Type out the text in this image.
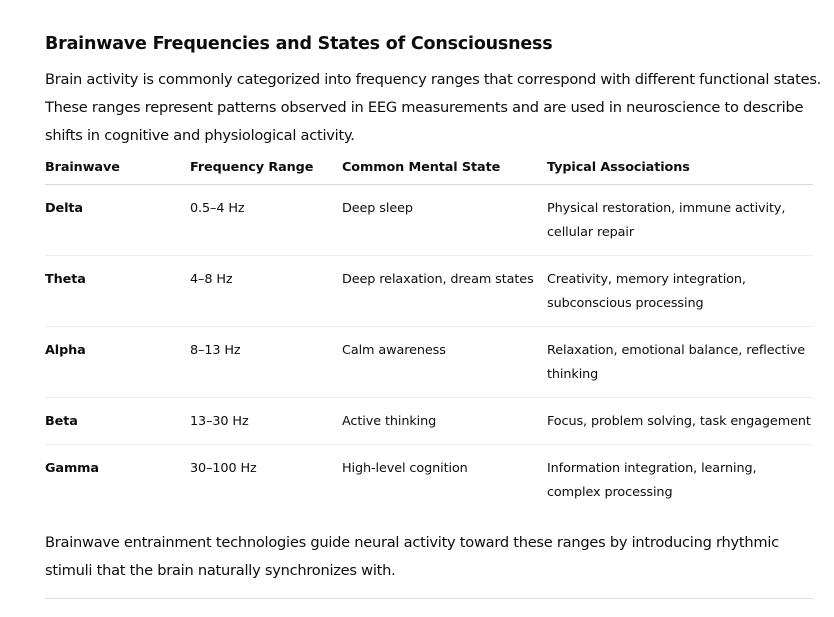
Brainwave Frequencies and States of Consciousness

Brain activity is commonly categorized into frequency ranges that correspond with different functional states. These ranges represent patterns observed in EEG measurements and are used in neuroscience to describe shifts in cognitive and physiological activity.

Brainwave	Frequency Range	Common Mental State	Typical Associations
Delta	0.5–4 Hz	Deep sleep	Physical restoration, immune activity, cellular repair
Theta	4–8 Hz	Deep relaxation, dream states	Creativity, memory integration, subconscious processing
Alpha	8–13 Hz	Calm awareness	Relaxation, emotional balance, reflective thinking
Beta	13–30 Hz	Active thinking	Focus, problem solving, task engagement
Gamma	30–100 Hz	High-level cognition	Information integration, learning, complex processing

Brainwave entrainment technologies guide neural activity toward these ranges by introducing rhythmic stimuli that the brain naturally synchronizes with.
